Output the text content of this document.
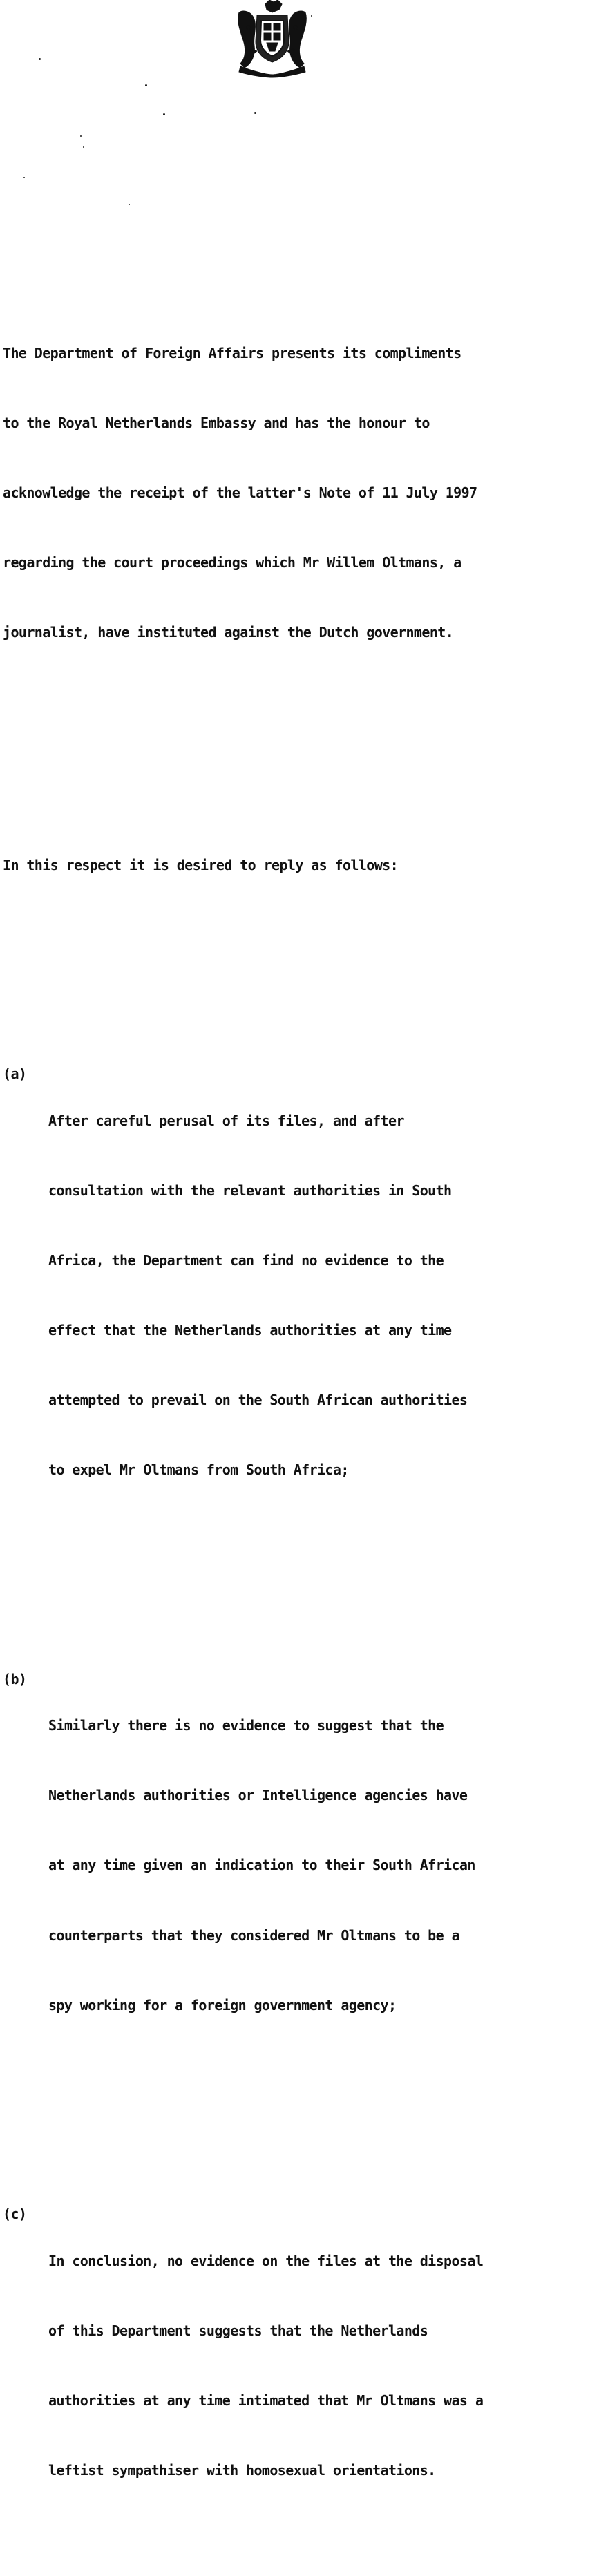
The Department of Foreign Affairs presents its compliments

to the Royal Netherlands Embassy and has the honour to

acknowledge the receipt of the latter's Note of 11 July 1997

regarding the court proceedings which Mr Willem Oltmans, a

journalist, have instituted against the Dutch government.

In this respect it is desired to reply as follows:

(a)

After careful perusal of its files, and after

consultation with the relevant authorities in South

Africa, the Department can find no evidence to the

effect that the Netherlands authorities at any time

attempted to prevail on the South African authorities

to expel Mr Oltmans from South Africa;

(b)

Similarly there is no evidence to suggest that the

Netherlands authorities or Intelligence agencies have

at any time given an indication to their South African

counterparts that they considered Mr Oltmans to be a

spy working for a foreign government agency;

(c)

In conclusion, no evidence on the files at the disposal

of this Department suggests that the Netherlands

authorities at any time intimated that Mr Oltmans was a

leftist sympathiser with homosexual orientations.
